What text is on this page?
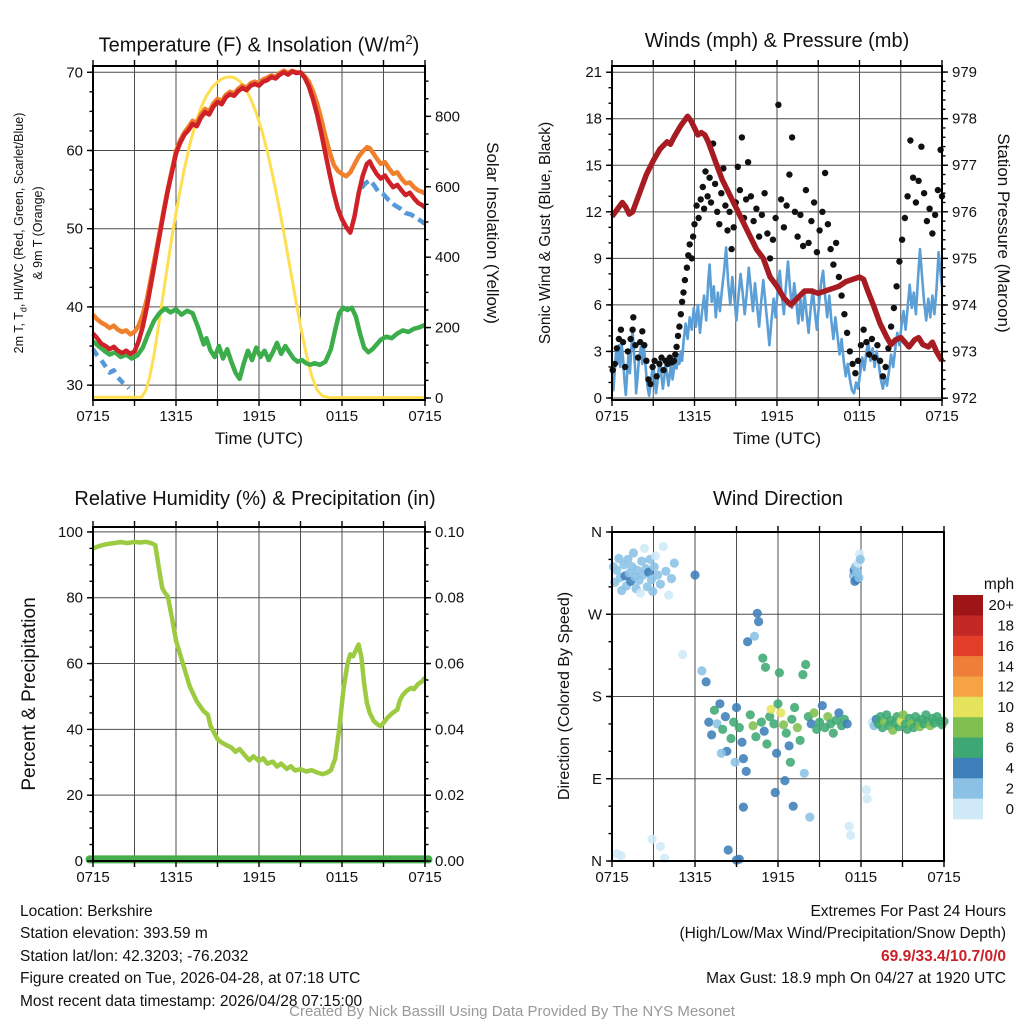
0715	1315	1915	0115	0715
30
40
50
60
70
0
200
400
600
800
0715	1315	1915	0115	0715
0
3
6
9
12
15
18
21
972
973
974
975
976
977
978
979
0715	1315	1915	0115	0715
0
20
40
60
80
100
0.00
0.02
0.04
0.06
0.08
0.10
0715	1315	1915	0115	0715
N
W
S
E
N
20+
18
16
14
12
10
8
6
4
2
0
Temperature (F) & Insolation $(W/m^2)$	Winds (mph) & Pressure (mb)
Relative Humidity (%) & Precipitation (in)	Wind Direction
2m T, $T_d$, HI/WC (Red, Green, Scarlet/Blue) & 9m T (Orange)	Solar Insolation (Yellow) Sonic Wind & Gust (Blue, Black)	Station Pressure (Maroon)
Percent & Precipitation	Direction (Colored By Speed)
Time (UTC)	Time (UTC)
mph
Location: Berkshire
Station elevation: 393.59 m
Station lat/lon: 42.3203; -76.2032
Figure created on Tue, 2026-04-28, at 07:18 UTC
Most recent data timestamp: 2026/04/28 07:15:00
Extremes For Past 24 Hours
(High/Low/Max Wind/Precipitation/Snow Depth)
69.9/33.4/10.7/0/0
Max Gust: 18.9 mph On 04/27 at 1920 UTC
Created By Nick Bassill Using Data Provided By The NYS Mesonet
